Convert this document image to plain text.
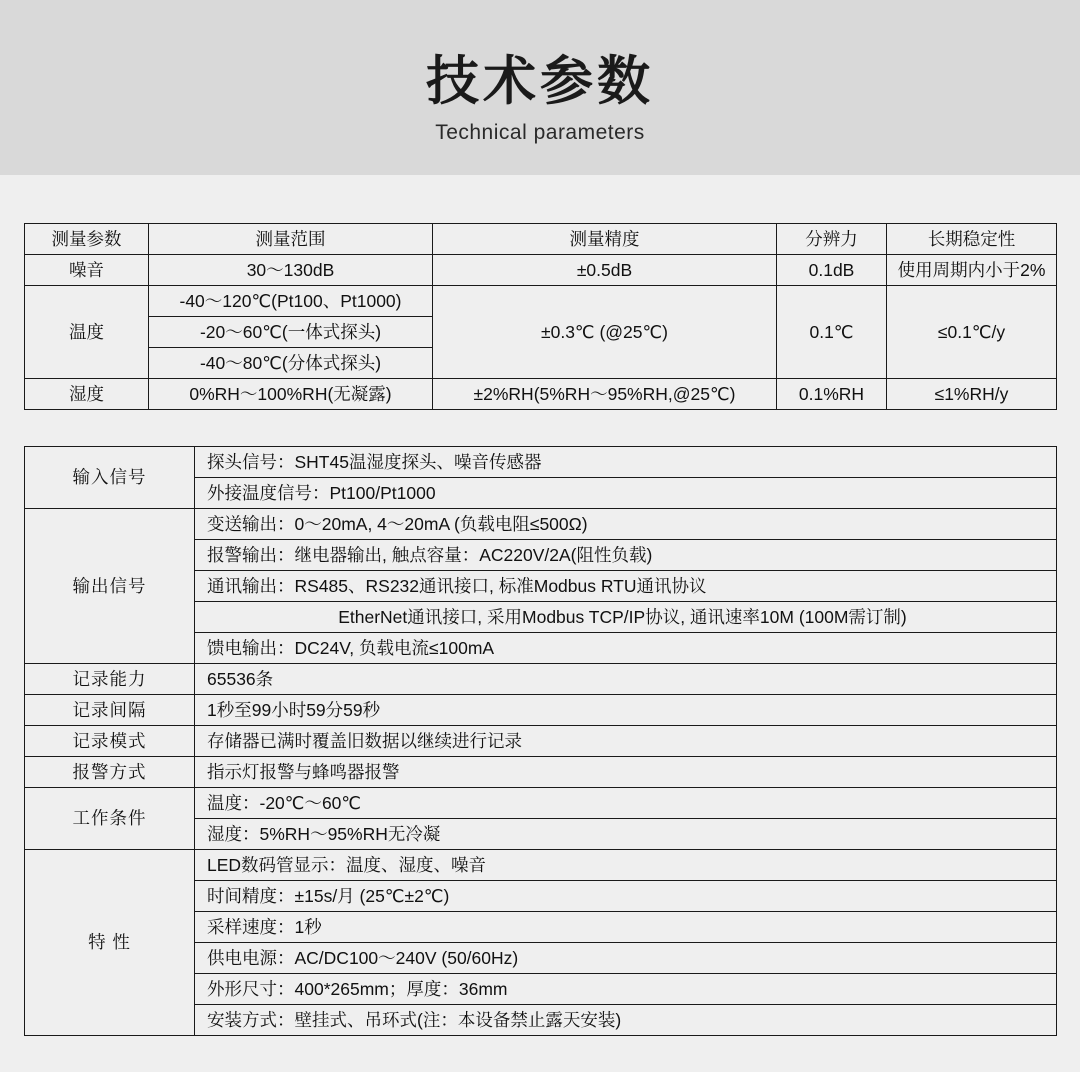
技术参数
Technical parameters
测量参数	测量范围	测量精度	分辨力	长期稳定性
噪音	30〜130dB	±0.5dB	0.1dB	使用周期内小于2%
温度	-40〜120℃(Pt100、Pt1000)	±0.3℃ (@25℃)	0.1℃	≤0.1℃/y
	-20〜60℃(一体式探头)			
	-40〜80℃(分体式探头)			
湿度	0%RH〜100%RH(无凝露)	±2%RH(5%RH〜95%RH,@25℃)	0.1%RH	≤1%RH/y
输入信号	探头信号：SHT45温湿度探头、噪音传感器
	外接温度信号：Pt100/Pt1000
输出信号	变送输出：0〜20mA, 4〜20mA (负载电阻≤500Ω)
	报警输出：继电器输出, 触点容量：AC220V/2A(阻性负载)
	通讯输出：RS485、RS232通讯接口, 标准Modbus RTU通讯协议
	EtherNet通讯接口, 采用Modbus TCP/IP协议, 通讯速率10M (100M需订制)
	馈电输出：DC24V, 负载电流≤100mA
记录能力	65536条
记录间隔	1秒至99小时59分59秒
记录模式	存储器已满时覆盖旧数据以继续进行记录
报警方式	指示灯报警与蜂鸣器报警
工作条件	温度：-20℃〜60℃
	湿度：5%RH〜95%RH无冷凝
特 性	LED数码管显示：温度、湿度、噪音
	时间精度：±15s/月 (25℃±2℃)
	采样速度：1秒
	供电电源：AC/DC100〜240V (50/60Hz)
	外形尺寸：400*265mm；厚度：36mm
	安装方式：壁挂式、吊环式(注：本设备禁止露天安装)
